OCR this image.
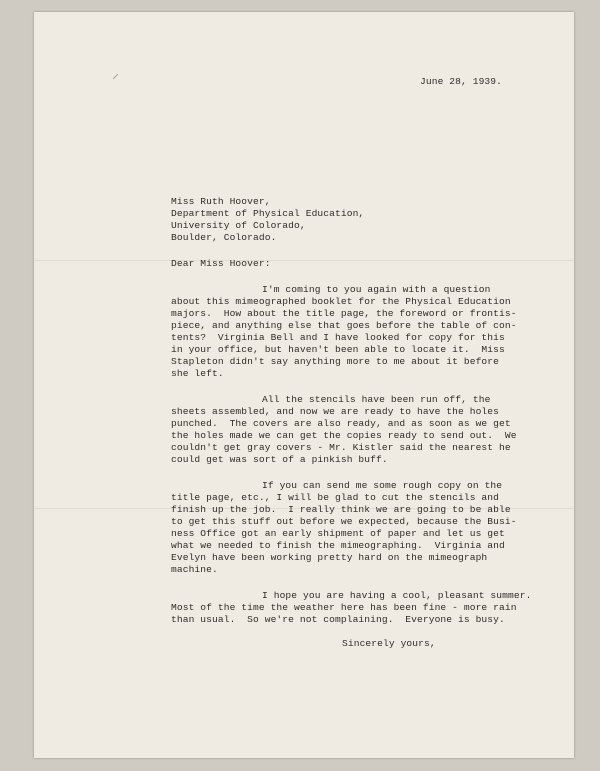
⸝	June 28, 1939.
Miss Ruth Hoover,
Department of Physical Education,
University of Colorado,
Boulder, Colorado.
Dear Miss Hoover:
I'm coming to you again with a question
about this mimeographed booklet for the Physical Education
majors.  How about the title page, the foreword or frontis-
piece, and anything else that goes before the table of con-
tents?  Virginia Bell and I have looked for copy for this
in your office, but haven't been able to locate it.  Miss
Stapleton didn't say anything more to me about it before
she left.
All the stencils have been run off, the
sheets assembled, and now we are ready to have the holes
punched.  The covers are also ready, and as soon as we get
the holes made we can get the copies ready to send out.  We
couldn't get gray covers - Mr. Kistler said the nearest he
could get was sort of a pinkish buff.
If you can send me some rough copy on the
title page, etc., I will be glad to cut the stencils and
finish up the job.  I really think we are going to be able
to get this stuff out before we expected, because the Busi-
ness Office got an early shipment of paper and let us get
what we needed to finish the mimeographing.  Virginia and
Evelyn have been working pretty hard on the mimeograph
machine.
I hope you are having a cool, pleasant summer.
Most of the time the weather here has been fine - more rain
than usual.  So we're not complaining.  Everyone is busy.
Sincerely yours,
